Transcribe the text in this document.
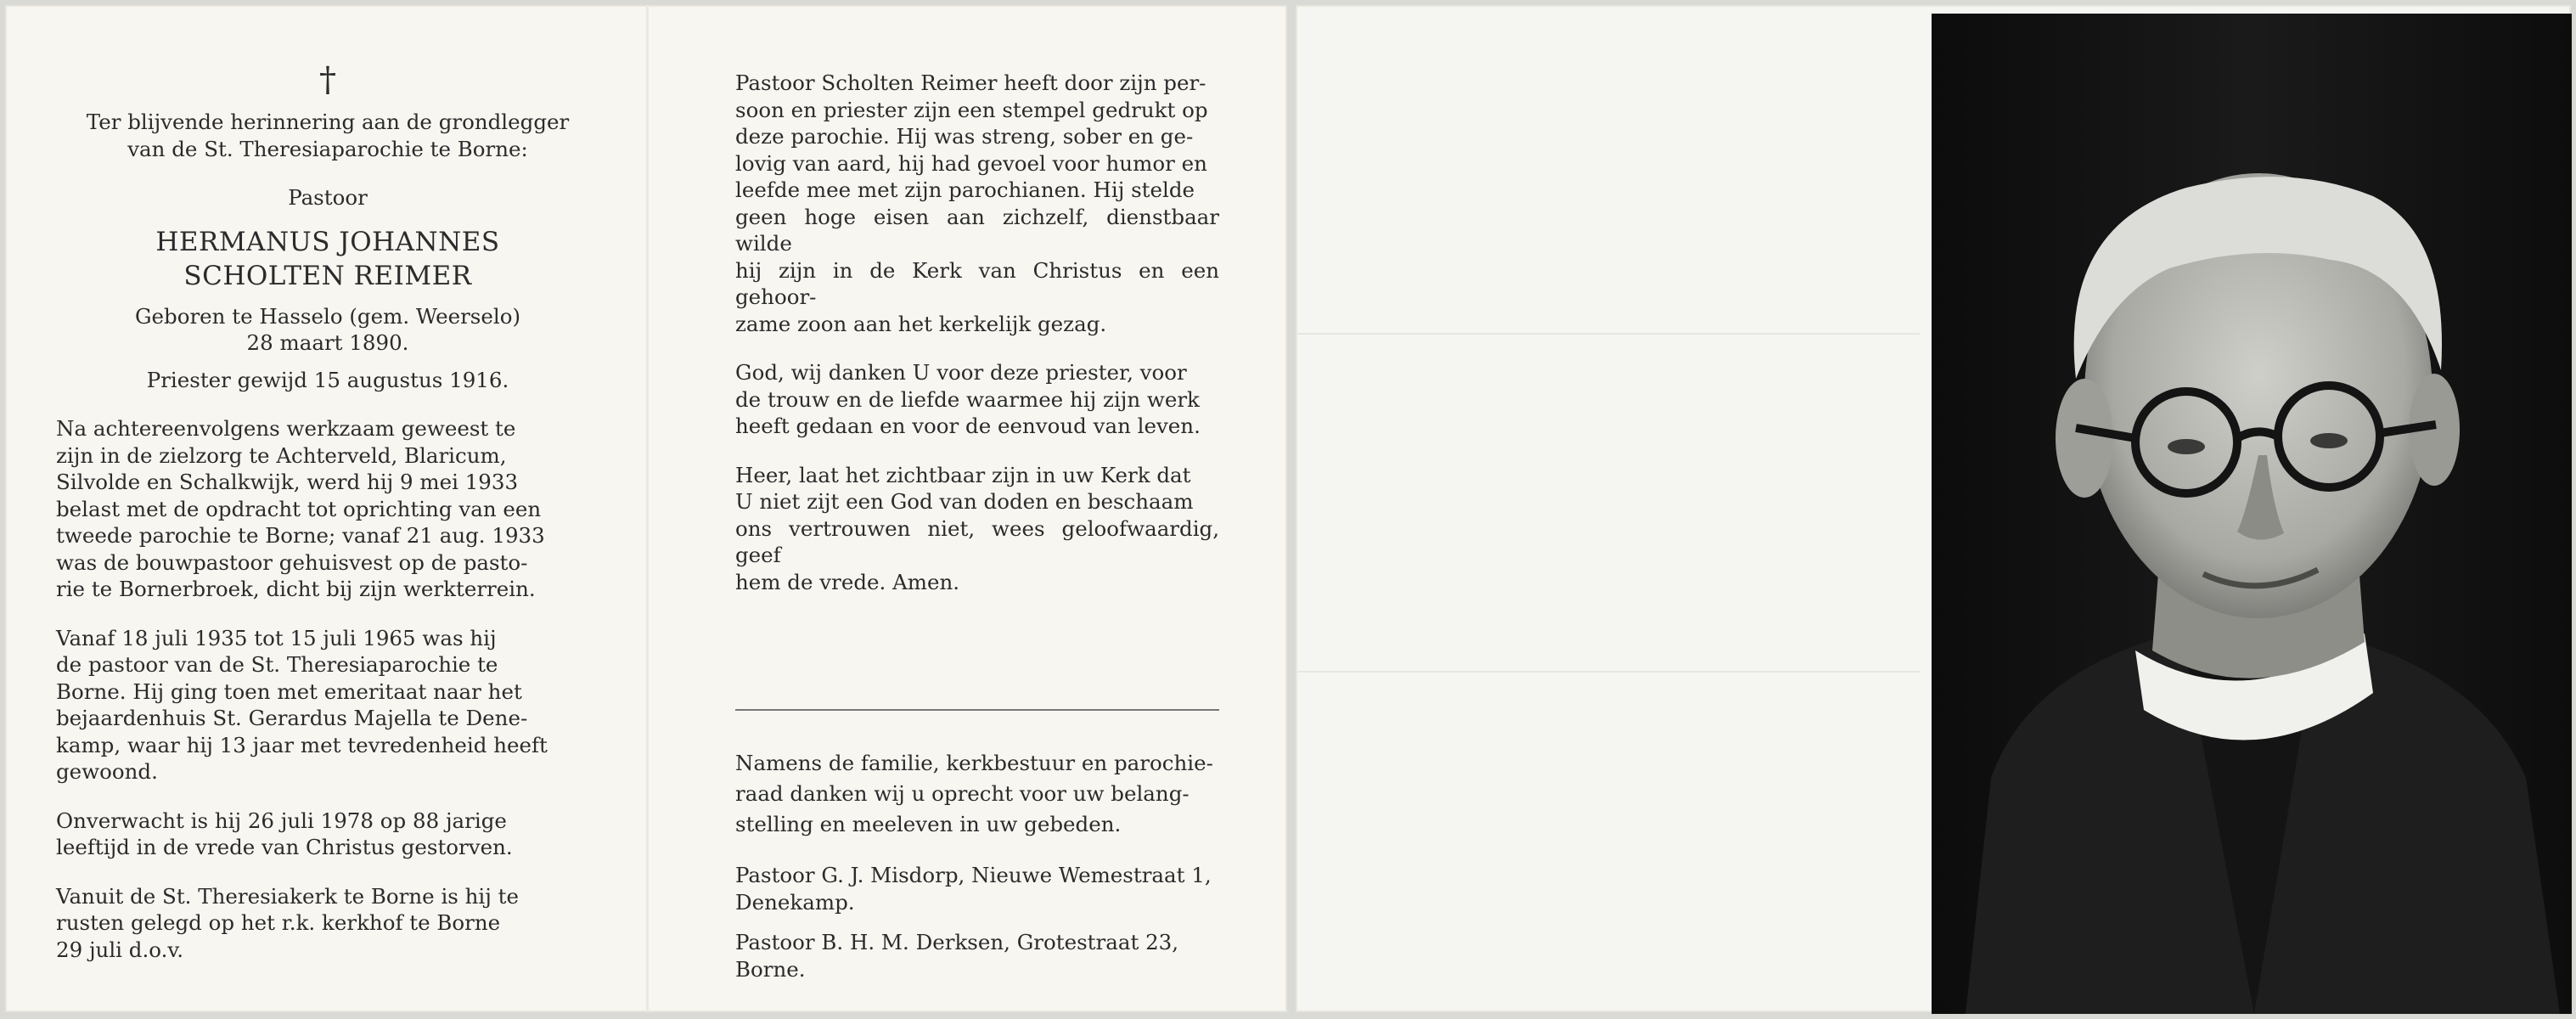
†

Ter blijvende herinnering aan de grondlegger

van de St. Theresiaparochie te Borne:

Pastoor

HERMANUS JOHANNES

SCHOLTEN REIMER

Geboren te Hasselo (gem. Weerselo)

28 maart 1890.

Priester gewijd 15 augustus 1916.

Na achtereenvolgens werkzaam geweest te

zijn in de zielzorg te Achterveld, Blaricum,

Silvolde en Schalkwijk, werd hij 9 mei 1933

belast met de opdracht tot oprichting van een

tweede parochie te Borne; vanaf 21 aug. 1933

was de bouwpastoor gehuisvest op de pasto-

rie te Bornerbroek, dicht bij zijn werkterrein.

Vanaf 18 juli 1935 tot 15 juli 1965 was hij

de pastoor van de St. Theresiaparochie te

Borne. Hij ging toen met emeritaat naar het

bejaardenhuis St. Gerardus Majella te Dene-

kamp, waar hij 13 jaar met tevredenheid heeft

gewoond.

Onverwacht is hij 26 juli 1978 op 88 jarige

leeftijd in de vrede van Christus gestorven.

Vanuit de St. Theresiakerk te Borne is hij te

rusten gelegd op het r.k. kerkhof te Borne

29 juli d.o.v.

Pastoor Scholten Reimer heeft door zijn per-

soon en priester zijn een stempel gedrukt op

deze parochie. Hij was streng, sober en ge-

lovig van aard, hij had gevoel voor humor en

leefde mee met zijn parochianen. Hij stelde

geen hoge eisen aan zichzelf, dienstbaar wilde

hij zijn in de Kerk van Christus en een gehoor-

zame zoon aan het kerkelijk gezag.

God, wij danken U voor deze priester, voor

de trouw en de liefde waarmee hij zijn werk

heeft gedaan en voor de eenvoud van leven.

Heer, laat het zichtbaar zijn in uw Kerk dat

U niet zijt een God van doden en beschaam

ons vertrouwen niet, wees geloofwaardig, geef

hem de vrede. Amen.

Namens de familie, kerkbestuur en parochie-

raad danken wij u oprecht voor uw belang-

stelling en meeleven in uw gebeden.

Pastoor G. J. Misdorp, Nieuwe Wemestraat 1,

Denekamp.

Pastoor B. H. M. Derksen, Grotestraat 23,

Borne.
